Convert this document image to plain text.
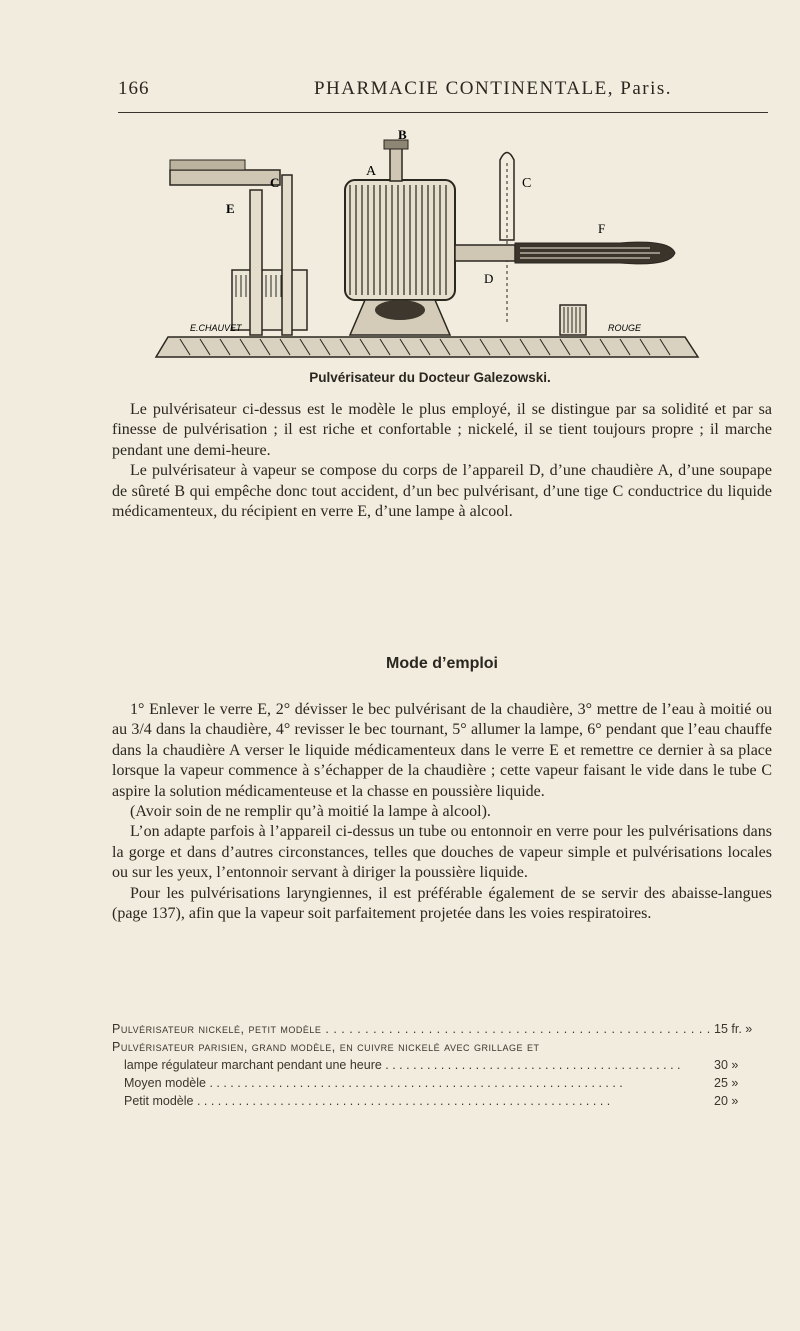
166	PHARMACIE CONTINENTALE, Paris.
B
A
C	C
E
F
D
E.CHAUVET	ROUGE
Pulvérisateur du Docteur Galezowski.

Le pulvérisateur ci-dessus est le modèle le plus employé, il se distingue par sa solidité et par sa finesse de pulvérisation ; il est riche et confortable ; nickelé, il se tient toujours propre ; il marche pendant une demi-heure.

Le pulvérisateur à vapeur se compose du corps de l’appareil D, d’une chaudière A, d’une soupape de sûreté B qui empêche donc tout accident, d’un bec pulvérisant, d’une tige C conductrice du liquide médicamenteux, du récipient en verre E, d’une lampe à alcool.

Mode d’emploi

1° Enlever le verre E, 2° dévisser le bec pulvérisant de la chaudière, 3° mettre de l’eau à moitié ou au 3/4 dans la chaudière, 4° revisser le bec tournant, 5° allumer la lampe, 6° pendant que l’eau chauffe dans la chaudière A verser le liquide médicamenteux dans le verre E et remettre ce dernier à sa place lorsque la vapeur commence à s’échapper de la chaudière ; cette vapeur faisant le vide dans le tube C aspire la solution médicamenteuse et la chasse en poussière liquide.

(Avoir soin de ne remplir qu’à moitié la lampe à alcool).

L’on adapte parfois à l’appareil ci-dessus un tube ou entonnoir en verre pour les pulvérisations dans la gorge et dans d’autres circonstances, telles que douches de vapeur simple et pulvérisations locales ou sur les yeux, l’entonnoir servant à diriger la poussière liquide.

Pour les pulvérisations laryngiennes, il est préférable également de se servir des abaisse-langues (page 137), afin que la vapeur soit parfaitement projetée dans les voies respiratoires.

Pulvérisateur nickelé, petit modèle . . .	15 fr. »
Pulvérisateur parisien, grand modèle, en cuivre nickelé avec grillage et
lampe régulateur marchant pendant une heure . . .	30 »
Moyen modèle . . .	25 »
Petit modèle . . .	20 »
